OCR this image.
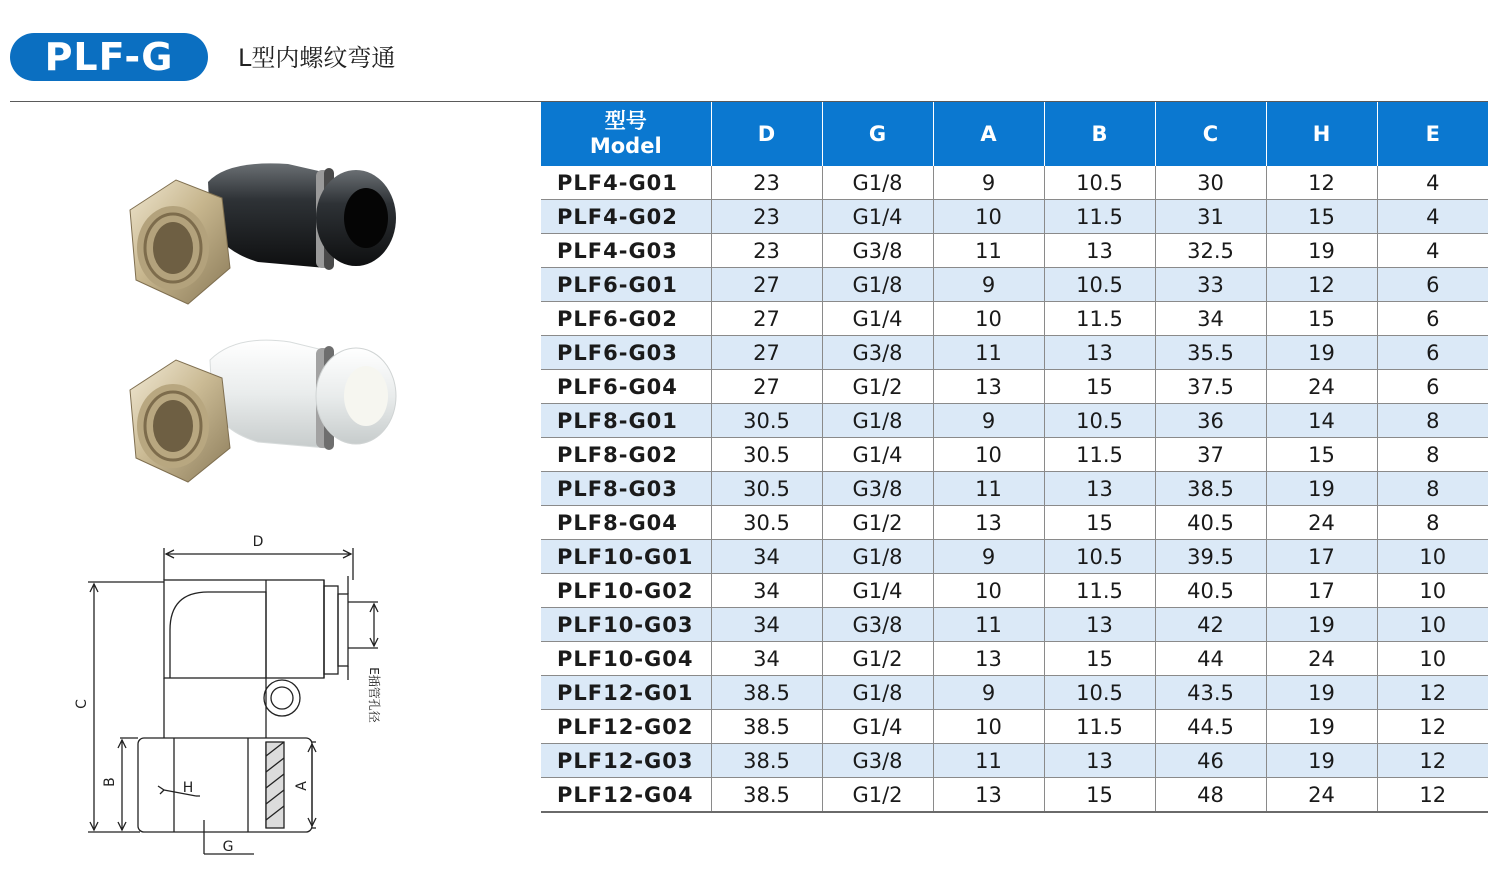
PLF-G	L型内螺纹弯通
D
C
B	H	A
G
E插管孔径
型号
Model	D	G	A	B	C	H	E
PLF4-G01	23	G1/8	9	10.5	30	12	4
PLF4-G02	23	G1/4	10	11.5	31	15	4
PLF4-G03	23	G3/8	11	13	32.5	19	4
PLF6-G01	27	G1/8	9	10.5	33	12	6
PLF6-G02	27	G1/4	10	11.5	34	15	6
PLF6-G03	27	G3/8	11	13	35.5	19	6
PLF6-G04	27	G1/2	13	15	37.5	24	6
PLF8-G01	30.5	G1/8	9	10.5	36	14	8
PLF8-G02	30.5	G1/4	10	11.5	37	15	8
PLF8-G03	30.5	G3/8	11	13	38.5	19	8
PLF8-G04	30.5	G1/2	13	15	40.5	24	8
PLF10-G01	34	G1/8	9	10.5	39.5	17	10
PLF10-G02	34	G1/4	10	11.5	40.5	17	10
PLF10-G03	34	G3/8	11	13	42	19	10
PLF10-G04	34	G1/2	13	15	44	24	10
PLF12-G01	38.5	G1/8	9	10.5	43.5	19	12
PLF12-G02	38.5	G1/4	10	11.5	44.5	19	12
PLF12-G03	38.5	G3/8	11	13	46	19	12
PLF12-G04	38.5	G1/2	13	15	48	24	12
